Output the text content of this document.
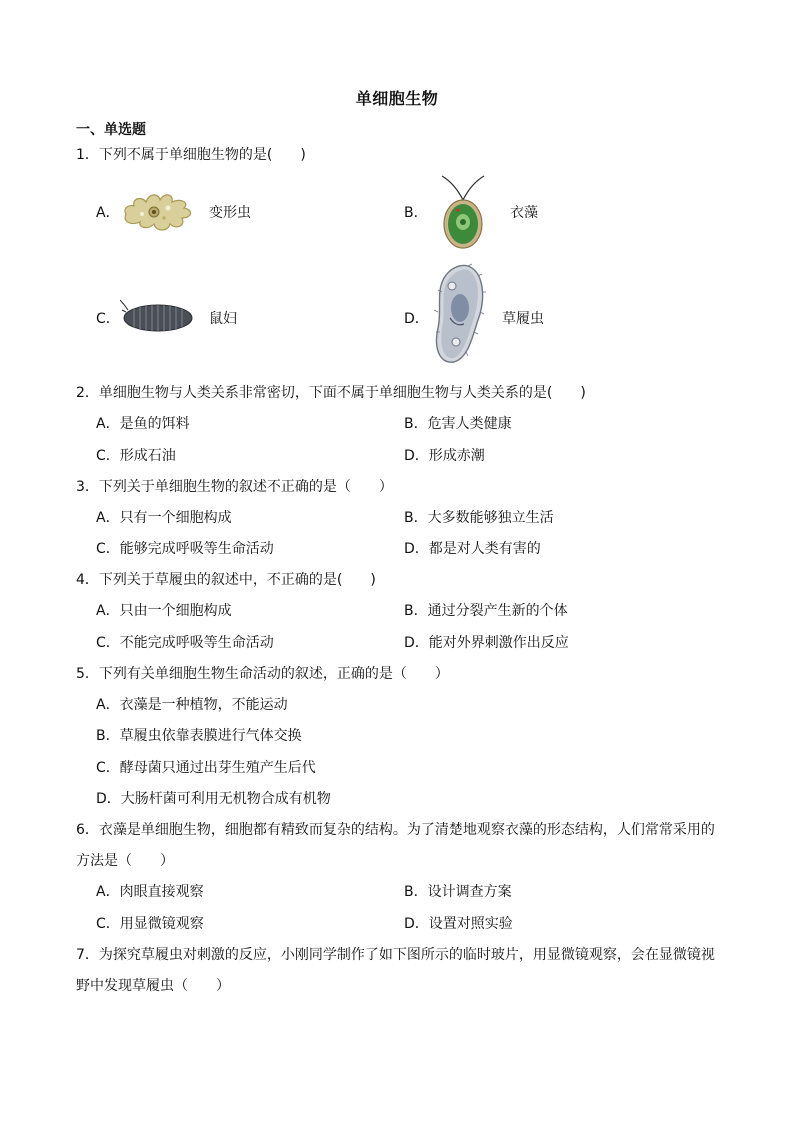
单细胞生物
一、单选题
1．下列不属于单细胞生物的是(　　)
A．	变形虫	B．	衣藻
C．	鼠妇	D．	草履虫
2．单细胞生物与人类关系非常密切，下面不属于单细胞生物与人类关系的是(　　)
A．是鱼的饵料	B．危害人类健康
C．形成石油	D．形成赤潮
3．下列关于单细胞生物的叙述不正确的是（　　）
A．只有一个细胞构成	B．大多数能够独立生活
C．能够完成呼吸等生命活动	D．都是对人类有害的
4．下列关于草履虫的叙述中，不正确的是(　　)
A．只由一个细胞构成	B．通过分裂产生新的个体
C．不能完成呼吸等生命活动	D．能对外界刺激作出反应
5．下列有关单细胞生物生命活动的叙述，正确的是（　　）
A．衣藻是一种植物，不能运动
B．草履虫依靠表膜进行气体交换
C．酵母菌只通过出芽生殖产生后代
D．大肠杆菌可利用无机物合成有机物
6．衣藻是单细胞生物，细胞都有精致而复杂的结构。为了清楚地观察衣藻的形态结构，人们常常采用的方法是（　　）
A．肉眼直接观察	B．设计调查方案
C．用显微镜观察	D．设置对照实验
7．为探究草履虫对刺激的反应，小刚同学制作了如下图所示的临时玻片，用显微镜观察，会在显微镜视野中发现草履虫（　　）
